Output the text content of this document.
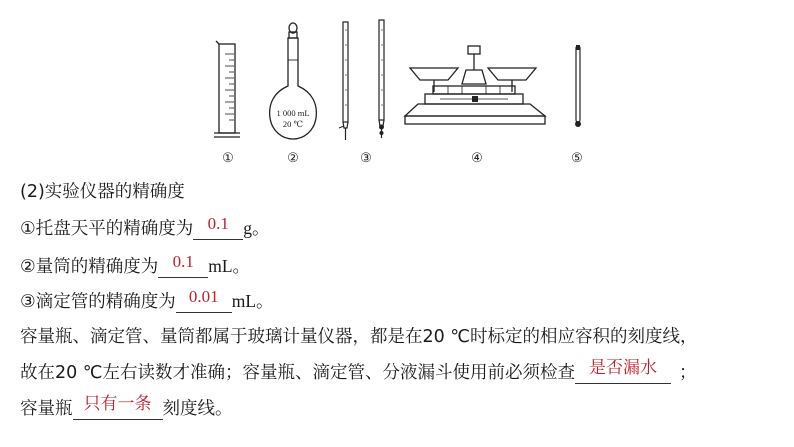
1 000 mL
20 ℃
①	②	③	④	⑤
(2)实验仪器的精确度
①托盘天平的精确度为 0.1 g。
②量筒的精确度为 0.1 mL。
③滴定管的精确度为 0.01 mL。
容量瓶、滴定管、量筒都属于玻璃计量仪器，都是在20 ℃时标定的相应容积的刻度线，
故在20 ℃左右读数才准确；容量瓶、滴定管、分液漏斗使用前必须检查 是否漏水 ；
容量瓶 只有一条 刻度线。
